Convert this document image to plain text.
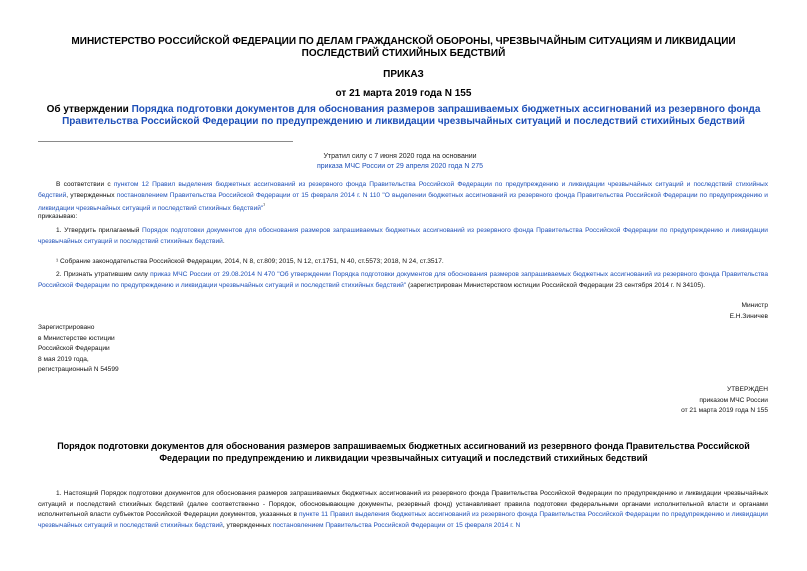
МИНИСТЕРСТВО РОССИЙСКОЙ ФЕДЕРАЦИИ ПО ДЕЛАМ ГРАЖДАНСКОЙ ОБОРОНЫ, ЧРЕЗВЫЧАЙНЫМ СИТУАЦИЯМ И ЛИКВИДАЦИИ ПОСЛЕДСТВИЙ СТИХИЙНЫХ БЕДСТВИЙ
ПРИКАЗ
от 21 марта 2019 года N 155
Об утверждении Порядка подготовки документов для обоснования размеров запрашиваемых бюджетных ассигнований из резервного фонда Правительства Российской Федерации по предупреждению и ликвидации чрезвычайных ситуаций и последствий стихийных бедствий
Утратил силу с 7 июня 2020 года на основании
приказа МЧС России от 29 апреля 2020 года N 275
В соответствии с пунктом 12 Правил выделения бюджетных ассигнований из резервного фонда Правительства Российской Федерации по предупреждению и ликвидации чрезвычайных ситуаций и последствий стихийных бедствий, утвержденных постановлением Правительства Российской Федерации от 15 февраля 2014 г. N 110 "О выделении бюджетных ассигнований из резервного фонда Правительства Российской Федерации по предупреждению и ликвидации чрезвычайных ситуаций и последствий стихийных бедствий"$^{^1}$
приказываю:
1. Утвердить прилагаемый Порядок подготовки документов для обоснования размеров запрашиваемых бюджетных ассигнований из резервного фонда Правительства Российской Федерации по предупреждению и ликвидации чрезвычайных ситуаций и последствий стихийных бедствий.
¹ Собрание законодательства Российской Федерации, 2014, N 8, ст.809; 2015, N 12, ст.1751, N 40, ст.5573; 2018, N 24, ст.3517.
2. Признать утратившим силу приказ МЧС России от 29.08.2014 N 470 "Об утверждении Порядка подготовки документов для обоснования размеров запрашиваемых бюджетных ассигнований из резервного фонда Правительства Российской Федерации по предупреждению и ликвидации чрезвычайных ситуаций и последствий стихийных бедствий" (зарегистрирован Министерством юстиции Российской Федерации 23 сентября 2014 г. N 34105).
Министр
Е.Н.Зиничев
Зарегистрировано
в Министерстве юстиции
Российской Федерации
8 мая 2019 года,
регистрационный N 54599
УТВЕРЖДЕН
приказом МЧС России
от 21 марта 2019 года N 155
Порядок подготовки документов для обоснования размеров запрашиваемых бюджетных ассигнований из резервного фонда Правительства Российской Федерации по предупреждению и ликвидации чрезвычайных ситуаций и последствий стихийных бедствий
1. Настоящий Порядок подготовки документов для обоснования размеров запрашиваемых бюджетных ассигнований из резервного фонда Правительства Российской Федерации по предупреждению и ликвидации чрезвычайных ситуаций и последствий стихийных бедствий (далее соответственно - Порядок, обосновывающие документы, резервный фонд) устанавливает правила подготовки федеральными органами исполнительной власти и органами исполнительной власти субъектов Российской Федерации документов, указанных в пункте 11 Правил выделения бюджетных ассигнований из резервного фонда Правительства Российской Федерации по предупреждению и ликвидации чрезвычайных ситуаций и последствий стихийных бедствий, утвержденных постановлением Правительства Российской Федерации от 15 февраля 2014 г. N
